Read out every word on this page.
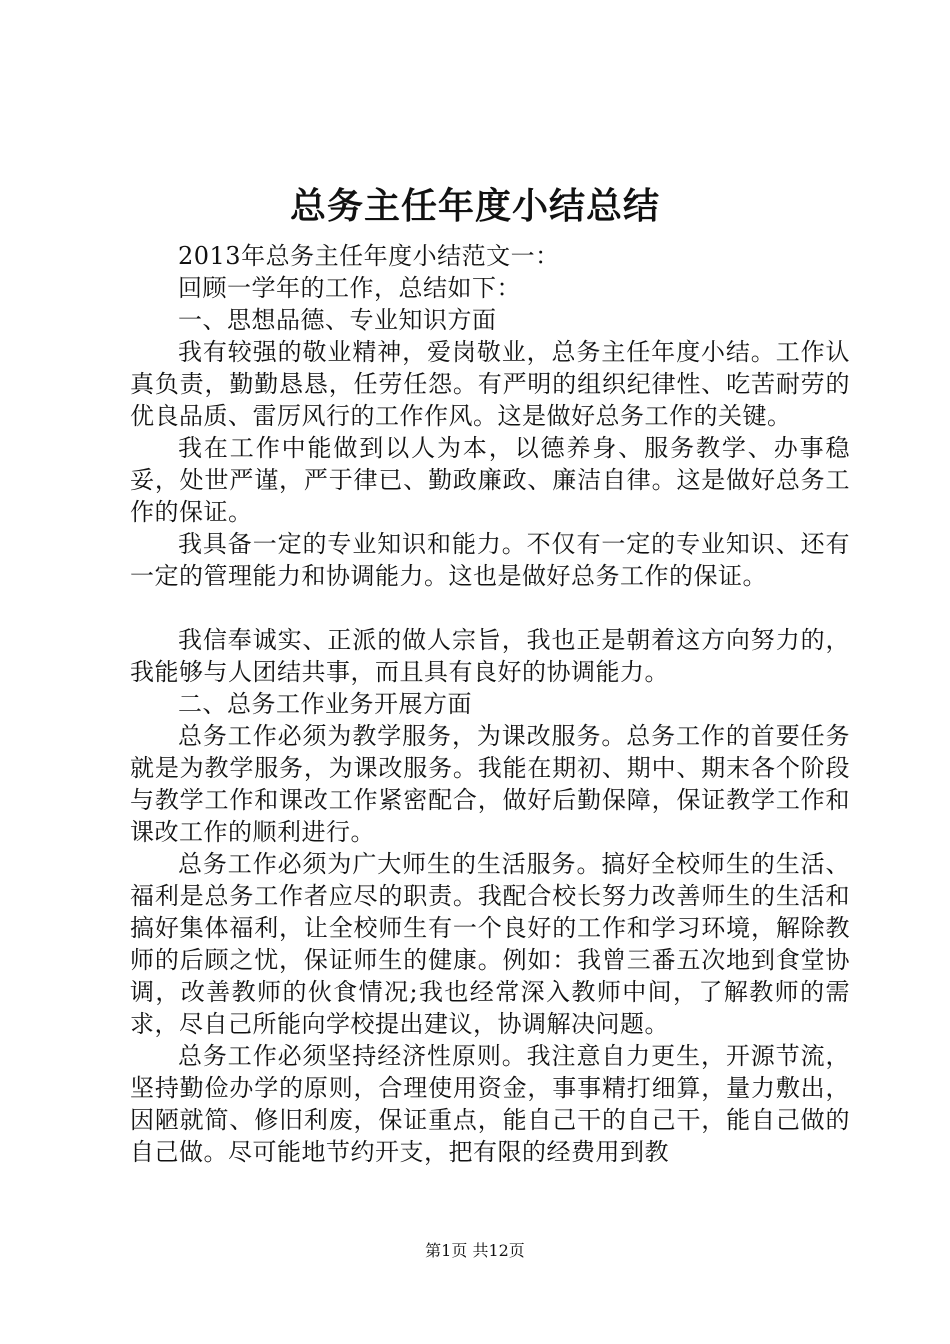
总务主任年度小结总结

2013年总务主任年度小结范文一：

回顾一学年的工作，总结如下：

一、思想品德、专业知识方面

我有较强的敬业精神，爱岗敬业，总务主任年度小结。工作认真负责，勤勤恳恳，任劳任怨。有严明的组织纪律性、吃苦耐劳的优良品质、雷厉风行的工作作风。这是做好总务工作的关键。

我在工作中能做到以人为本，以德养身、服务教学、办事稳妥，处世严谨，严于律已、勤政廉政、廉洁自律。这是做好总务工作的保证。

我具备一定的专业知识和能力。不仅有一定的专业知识、还有一定的管理能力和协调能力。这也是做好总务工作的保证。

我信奉诚实、正派的做人宗旨，我也正是朝着这方向努力的，我能够与人团结共事，而且具有良好的协调能力。

二、总务工作业务开展方面

总务工作必须为教学服务，为课改服务。总务工作的首要任务就是为教学服务，为课改服务。我能在期初、期中、期末各个阶段与教学工作和课改工作紧密配合，做好后勤保障，保证教学工作和课改工作的顺利进行。

总务工作必须为广大师生的生活服务。搞好全校师生的生活、福利是总务工作者应尽的职责。我配合校长努力改善师生的生活和搞好集体福利，让全校师生有一个良好的工作和学习环境，解除教师的后顾之忧，保证师生的健康。例如：我曾三番五次地到食堂协调，改善教师的伙食情况;我也经常深入教师中间，了解教师的需求，尽自己所能向学校提出建议，协调解决问题。

总务工作必须坚持经济性原则。我注意自力更生，开源节流，坚持勤俭办学的原则，合理使用资金，事事精打细算，量力敷出，因陋就简、修旧利废，保证重点，能自己干的自己干，能自己做的自己做。尽可能地节约开支，把有限的经费用到教

第1页 共12页
